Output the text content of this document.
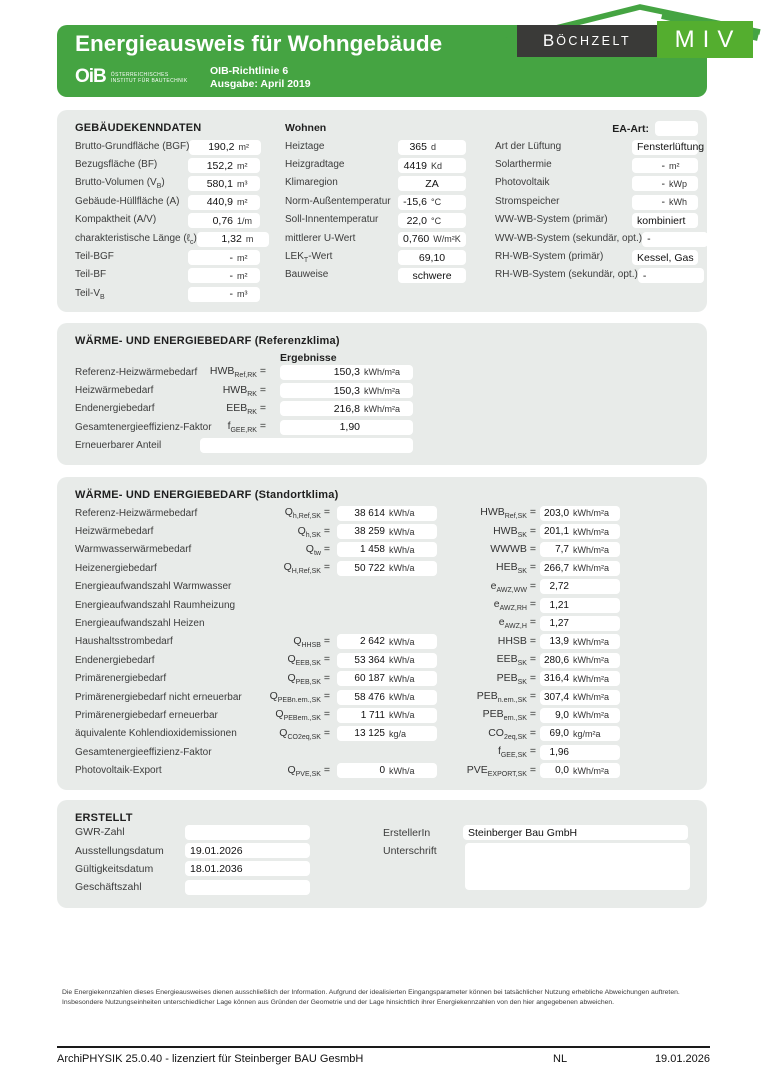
Energieausweis für Wohngebäude
OiB ÖSTERREICHISCHES
INSTITUT FÜR BAUTECHNIK
OIB-Richtlinie 6
Ausgabe: April 2019
B ÖCHZELT MIV
GEBÄUDEKENNDATEN	Wohnen	EA-Art:
Brutto-Grundfläche (BGF)	190,2 m²
Bezugsfläche (BF)	152,2 m²
Brutto-Volumen $(V_B)$	580,1 m³
Gebäude-Hüllfläche (A)	440,9 m²
Kompaktheit (A/V)	0,76 1/m
charakteristische Länge (ℓ$_c$)	1,32 m
Teil-BGF	- m²
Teil-BF	- m²
Teil-$V_B$	- m³
Heiztage	365 d
Heizgradtage	4419 Kd
Klimaregion	ZA
Norm-Außentemperatur	-15,6 °C
Soll-Innentemperatur	22,0 °C
mittlerer U-Wert	0,760 W/m²K
$LEK_T$-Wert	69,10
Bauweise	schwere
Art der Lüftung	Fensterlüftung
Solarthermie	- m²
Photovoltaik	- kWp
Stromspeicher	- kWh
WW-WB-System (primär)	kombiniert
WW-WB-System (sekundär, opt.) -
RH-WB-System (primär)	Kessel, Gas
RH-WB-System (sekundär, opt.) -
WÄRME- UND ENERGIEBEDARF (Referenzklima)
Ergebnisse
Referenz-Heizwärmebedarf	$HWB_{Ref,RK}$ =	150,3 kWh/m²a
Heizwärmebedarf	$HWB_{RK}$ =	150,3 kWh/m²a
Endenergiebedarf	$EEB_{RK}$ =	216,8 kWh/m²a
Gesamtenergieeffizienz-Faktor	$f_{GEE,RK}$ =	1,90
Erneuerbarer Anteil
WÄRME- UND ENERGIEBEDARF (Standortklima)
Referenz-Heizwärmebedarf	$Q_{h,Ref,SK}$ =	38 614 kWh/a	$HWB_{Ref,SK} = 203,0$ kWh/m²a
Heizwärmebedarf	$Q_{h,SK}$ =	38 259 kWh/a	$HWB_{SK} = 201,1$ kWh/m²a
Warmwasserwärmebedarf	$Q_{tw}$ =	1 458 kWh/a	WWWB =	7,7 kWh/m²a
Heizenergiebedarf	$Q_{H,Ref,SK}$ =	50 722 kWh/a	$HEB_{SK} = 266,7$ kWh/m²a
Energieaufwandszahl Warmwasser	$e_{AWZ,WW}$ =	2,72
Energieaufwandszahl Raumheizung	$e_{AWZ,RH}$ =	1,21
Energieaufwandszahl Heizen	$e_{AWZ,H}$ =	1,27
Haushaltsstrombedarf	$Q_{HHSB}$ =	2 642 kWh/a	HHSB =	13,9 kWh/m²a
Endenergiebedarf	$Q_{EEB,SK}$ =	53 364 kWh/a	$EEB_{SK} = 280,6$ kWh/m²a
Primärenergiebedarf	$Q_{PEB,SK}$ =	60 187 kWh/a	$PEB_{SK} = 316,4$ kWh/m²a
Primärenergiebedarf nicht erneuerbar	$Q_{PEBn.ern.,SK}$ =	58 476 kWh/a	$PEB_{n.ern.,SK} = 307,4$ kWh/m²a
Primärenergiebedarf erneuerbar	$Q_{PEBern.,SK}$ =	1 711 kWh/a	$PEB_{ern.,SK}$ =	9,0 kWh/m²a
äquivalente Kohlendioxidemissionen	$Q_{CO2eq,SK}$ =	13 125 kg/a	$CO_{2eq,SK}$ =	69,0 kg/m²a
Gesamtenergieeffizienz-Faktor	$f_{GEE,SK}$ =	1,96
Photovoltaik-Export	$Q_{PVE,SK}$ =	0 kWh/a	$PVE_{EXPORT,SK}$ =	0,0 kWh/m²a
ERSTELLT
GWR-Zahl
Ausstellungsdatum	19.01.2026
Gültigkeitsdatum	18.01.2036
Geschäftszahl
ErstellerIn	Steinberger Bau GmbH
Unterschrift
Die Energiekennzahlen dieses Energieausweises dienen ausschließlich der Information. Aufgrund der idealisierten Eingangsparameter können bei tatsächlicher Nutzung erhebliche Abweichungen auftreten.
Insbesondere Nutzungseinheiten unterschiedlicher Lage können aus Gründen der Geometrie und der Lage hinsichtlich ihrer Energiekennzahlen von den hier angegebenen abweichen.
ArchiPHYSIK 25.0.40 - lizenziert für Steinberger BAU GesmbH	NL	19.01.2026
